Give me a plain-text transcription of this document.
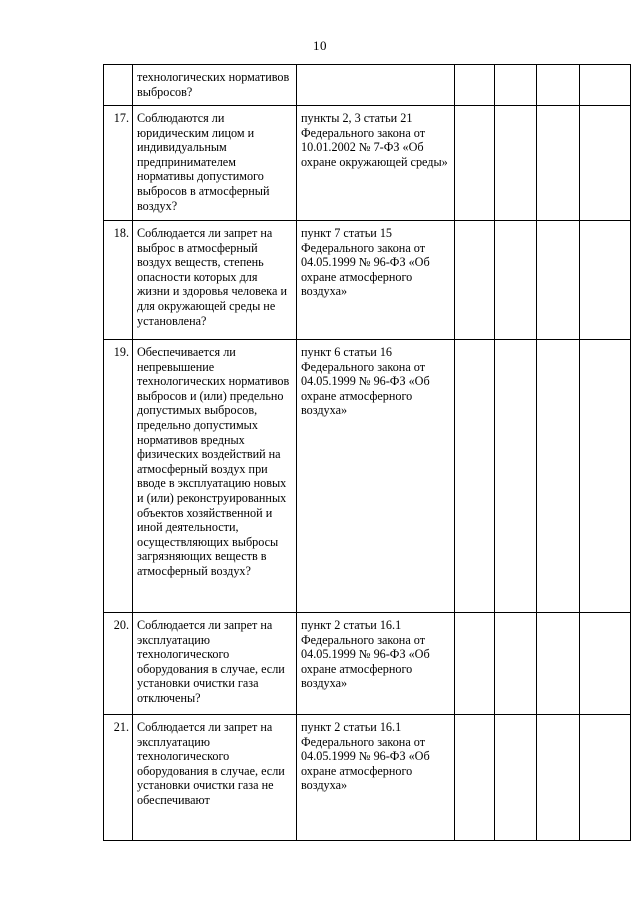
10
	технологических нормативов выбросов?					
17.	Соблюдаются ли юридическим лицом и индивидуальным предпринимателем нормативы допустимого выбросов в атмосферный воздух?	пункты 2, 3 статьи 21 Федерального закона от 10.01.2002 № 7-ФЗ «Об охране окружающей среды»				
18.	Соблюдается ли запрет на выброс в атмосферный воздух веществ, степень опасности которых для жизни и здоровья человека и для окружающей среды не установлена?	пункт 7 статьи 15 Федерального закона от 04.05.1999 № 96-ФЗ «Об охране атмосферного воздуха»				
19.	Обеспечивается ли непревышение технологических нормативов выбросов и (или) предельно допустимых выбросов, предельно допустимых нормативов вредных физических воздействий на атмосферный воздух при вводе в эксплуатацию новых и (или) реконструированных объектов хозяйственной и иной деятельности, осуществляющих выбросы загрязняющих веществ в атмосферный воздух?	пункт 6 статьи 16 Федерального закона от 04.05.1999 № 96-ФЗ «Об охране атмосферного воздуха»				
20.	Соблюдается ли запрет на эксплуатацию технологического оборудования в случае, если установки очистки газа отключены?	пункт 2 статьи 16.1 Федерального закона от 04.05.1999 № 96-ФЗ «Об охране атмосферного воздуха»				
21.	Соблюдается ли запрет на эксплуатацию технологического оборудования в случае, если установки очистки газа не обеспечивают	пункт 2 статьи 16.1 Федерального закона от 04.05.1999 № 96-ФЗ «Об охране атмосферного воздуха»				
